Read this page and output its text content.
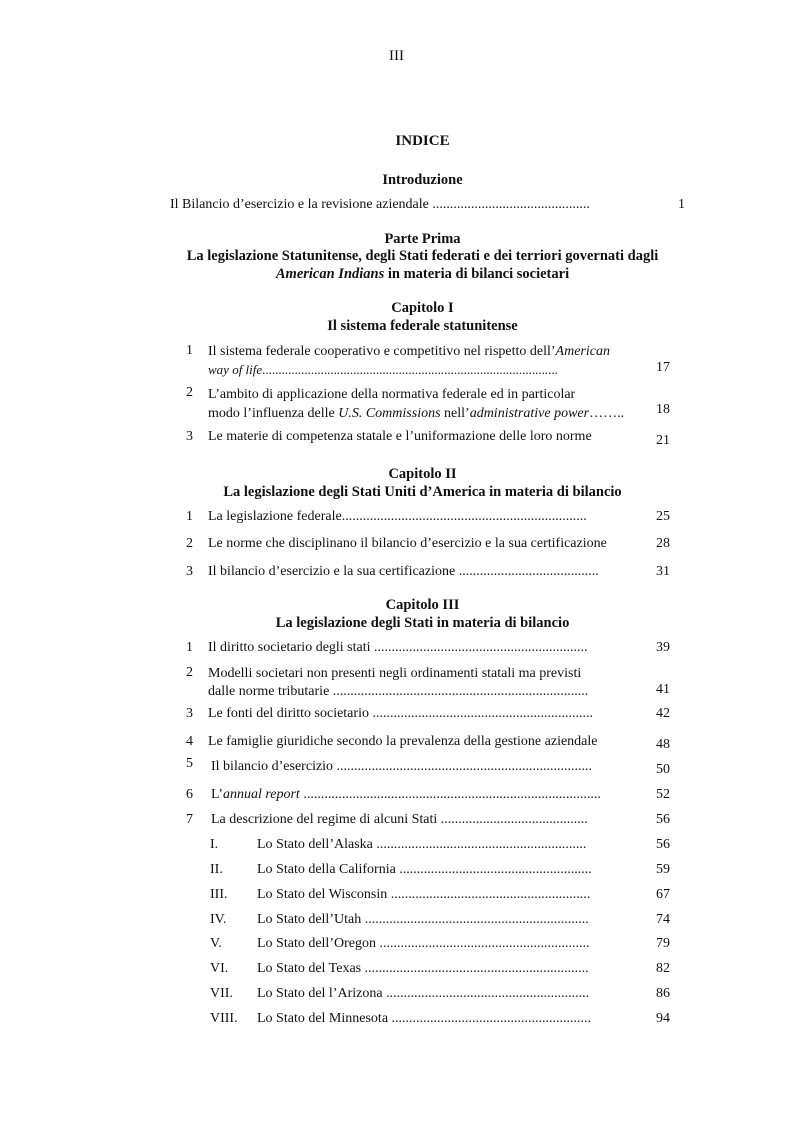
III
INDICE
Introduzione
Il Bilancio d’esercizio e la revisione aziendale .............................................	1
Parte Prima
La legislazione Statunitense, degli Stati federati e dei terriori governati dagli
American Indians in materia di bilanci societari
Capitolo I
Il sistema federale statunitense
1 Il sistema federale cooperativo e competitivo nel rispetto dell’American
way of life...........................................................................................	17
2 L’ambito di applicazione della normativa federale ed in particolar
modo l’influenza delle U.S. Commissions nell’administrative power……..	18
3 Le materie di competenza statale e l’uniformazione delle loro norme	21
Capitolo II
La legislazione degli Stati Uniti d’America in materia di bilancio
1 La legislazione federale......................................................................	25
2 Le norme che disciplinano il bilancio d’esercizio e la sua certificazione	28
3 Il bilancio d’esercizio e la sua certificazione ........................................	31
Capitolo III
La legislazione degli Stati in materia di bilancio
1 Il diritto societario degli stati .............................................................	39
2 Modelli societari non presenti negli ordinamenti statali ma previsti
dalle norme tributarie .........................................................................	41
3 Le fonti del diritto societario ...............................................................	42
4 Le famiglie giuridiche secondo la prevalenza della gestione aziendale	48
5 Il bilancio d’esercizio .........................................................................	50
6 L’annual report .....................................................................................	52
7 La descrizione del regime di alcuni Stati ..........................................	56
I.	Lo Stato dell’Alaska ............................................................	56
II. Lo Stato della California .......................................................	59
III. Lo Stato del Wisconsin .........................................................	67
IV. Lo Stato dell’Utah ................................................................	74
V.	Lo Stato dell’Oregon ............................................................	79
VI. Lo Stato del Texas ................................................................	82
VII. Lo Stato del l’Arizona ..........................................................	86
VIII. Lo Stato del Minnesota .........................................................	94
